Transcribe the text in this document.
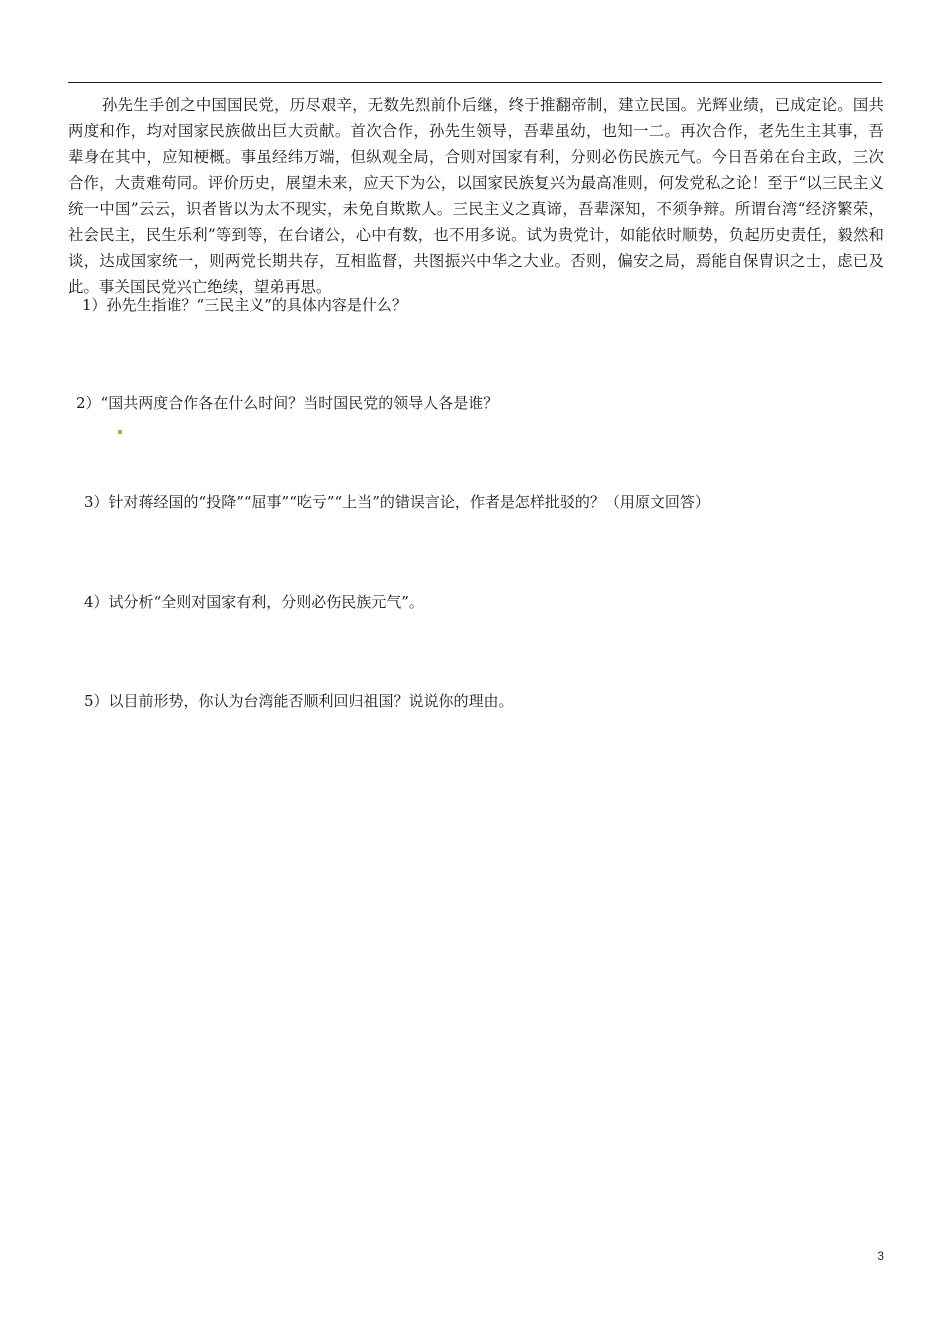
孙先生手创之中国国民党，历尽艰辛，无数先烈前仆后继，终于推翻帝制，建立民国。光辉业绩，已成定论。国共两度和作，均对国家民族做出巨大贡献。首次合作，孙先生领导，吾辈虽幼，也知一二。再次合作，老先生主其事，吾辈身在其中，应知梗概。事虽经纬万端，但纵观全局，合则对国家有利，分则必伤民族元气。今日吾弟在台主政，三次合作，大责难苟同。评价历史，展望未来，应天下为公，以国家民族复兴为最高准则，何发党私之论！至于“以三民主义统一中国”云云，识者皆以为太不现实，未免自欺欺人。三民主义之真谛，吾辈深知，不须争辩。所谓台湾“经济繁荣，社会民主，民生乐利”等到等，在台诸公，心中有数，也不用多说。试为贵党计，如能依时顺势，负起历史责任，毅然和谈，达成国家统一，则两党长期共存，互相监督，共图振兴中华之大业。否则，偏安之局，焉能自保胄识之士，虑已及此。事关国民党兴亡绝续，望弟再思。

1）孙先生指谁？“三民主义”的具体内容是什么？

2）“国共两度合作各在什么时间？当时国民党的领导人各是谁？

3）针对蒋经国的“投降”“屈事”“吃亏”“上当”的错误言论，作者是怎样批驳的？（用原文回答）

4）试分析“全则对国家有利，分则必伤民族元气”。

5）以目前形势，你认为台湾能否顺利回归祖国？说说你的理由。

3
